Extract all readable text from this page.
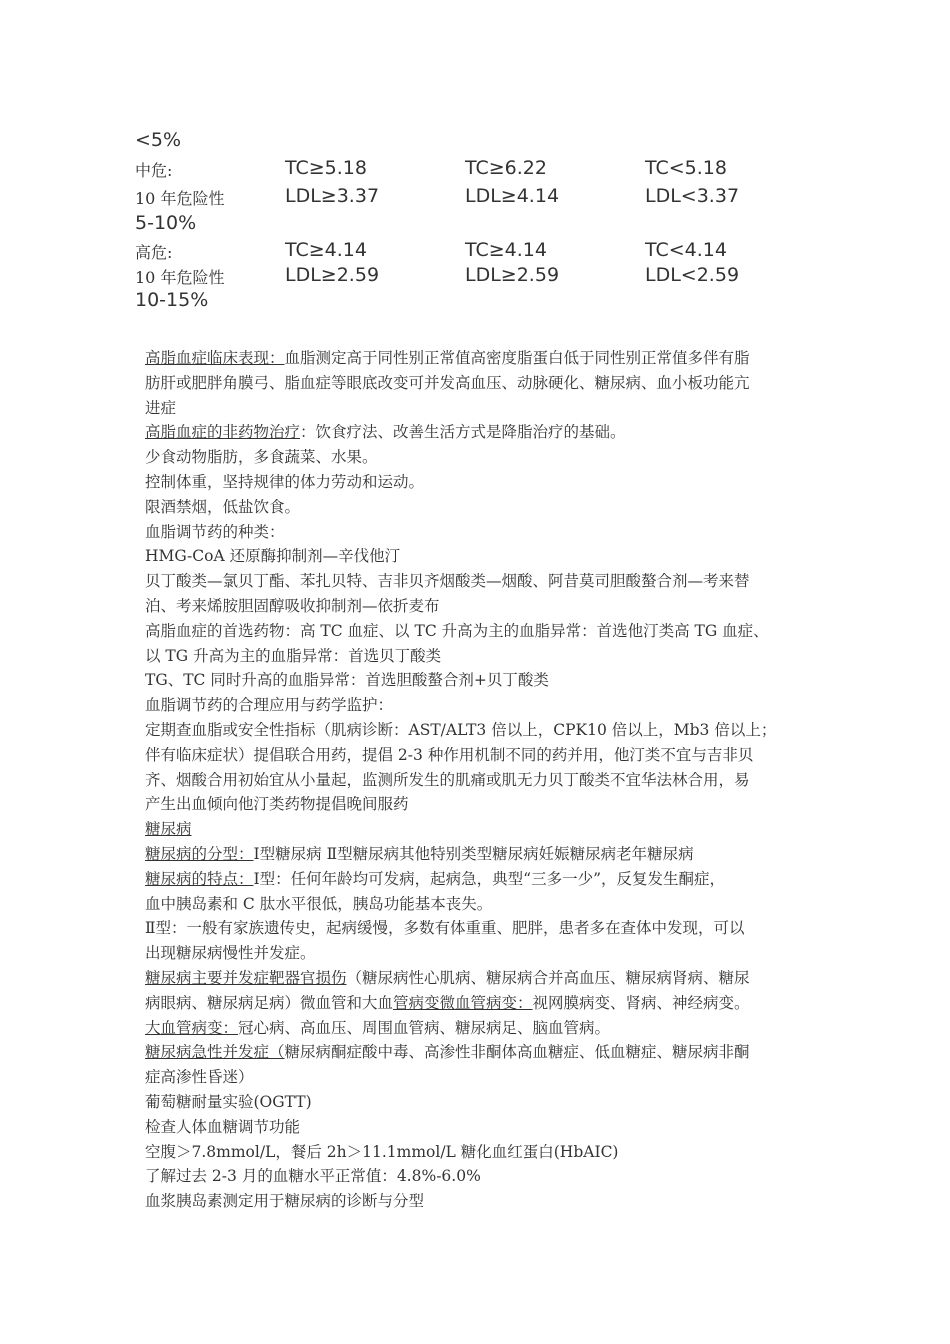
<5%
中危:
10 年危险性
5-10%
TC≥5.18
LDL≥3.37
TC≥6.22
LDL≥4.14
TC<5.18
LDL<3.37
高危:
10 年危险性
10-15%
TC≥4.14
LDL≥2.59
TC≥4.14
LDL≥2.59
TC<4.14
LDL<2.59
高脂血症临床表现：血脂测定高于同性别正常值高密度脂蛋白低于同性别正常值多伴有脂
肪肝或肥胖角膜弓、脂血症等眼底改变可并发高血压、动脉硬化、糖尿病、血小板功能亢
进症
高脂血症的非药物治疗：饮食疗法、改善生活方式是降脂治疗的基础。
少食动物脂肪，多食蔬菜、水果。
控制体重，坚持规律的体力劳动和运动。
限酒禁烟，低盐饮食。
血脂调节药的种类：
HMG-CoA 还原酶抑制剂—辛伐他汀
贝丁酸类—氯贝丁酯、苯扎贝特、吉非贝齐烟酸类—烟酸、阿昔莫司胆酸螯合剂—考来替
泊、考来烯胺胆固醇吸收抑制剂—依折麦布
高脂血症的首选药物：高 TC 血症、以 TC 升高为主的血脂异常：首选他汀类高 TG 血症、
以 TG 升高为主的血脂异常：首选贝丁酸类
TG、TC 同时升高的血脂异常：首选胆酸螯合剂+贝丁酸类
血脂调节药的合理应用与药学监护：
定期查血脂或安全性指标（肌病诊断：AST/ALT3 倍以上，CPK10 倍以上，Mb3 倍以上；
伴有临床症状）提倡联合用药，提倡 2-3 种作用机制不同的药并用，他汀类不宜与吉非贝
齐、烟酸合用初始宜从小量起，监测所发生的肌痛或肌无力贝丁酸类不宜华法林合用，易
产生出血倾向他汀类药物提倡晚间服药
糖尿病
糖尿病的分型：Ⅰ型糖尿病 Ⅱ型糖尿病其他特别类型糖尿病妊娠糖尿病老年糖尿病
糖尿病的特点：Ⅰ型：任何年龄均可发病，起病急，典型“三多一少”，反复发生酮症，
血中胰岛素和 C 肽水平很低，胰岛功能基本丧失。
Ⅱ型：一般有家族遗传史，起病缓慢，多数有体重重、肥胖，患者多在查体中发现，可以
出现糖尿病慢性并发症。
糖尿病主要并发症靶器官损伤（糖尿病性心肌病、糖尿病合并高血压、糖尿病肾病、糖尿
病眼病、糖尿病足病）微血管和大血管病变微血管病变：视网膜病变、肾病、神经病变。
大血管病变：冠心病、高血压、周围血管病、糖尿病足、脑血管病。
糖尿病急性并发症（糖尿病酮症酸中毒、高渗性非酮体高血糖症、低血糖症、糖尿病非酮
症高渗性昏迷）
葡萄糖耐量实验(OGTT)
检查人体血糖调节功能
空腹＞7.8mmol/L，餐后 2h＞11.1mmol/L 糖化血红蛋白(HbAIC)
了解过去 2-3 月的血糖水平正常值：4.8%-6.0%
血浆胰岛素测定用于糖尿病的诊断与分型
